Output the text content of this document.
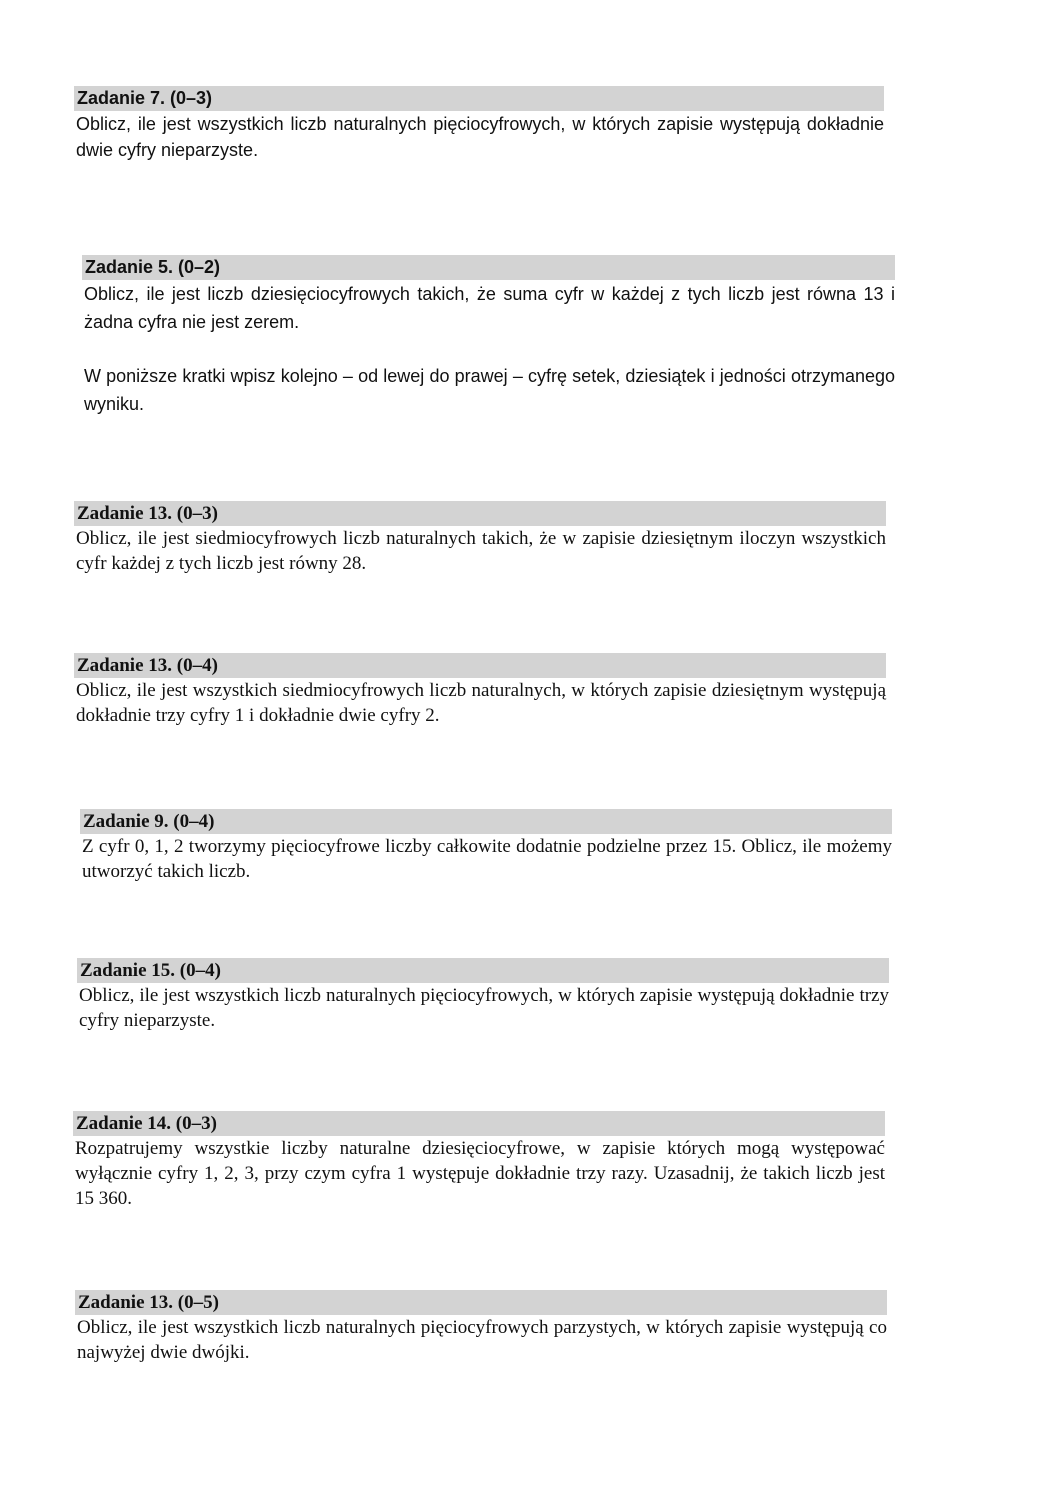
Zadanie 7. (0–3)

Oblicz, ile jest wszystkich liczb naturalnych pięciocyfrowych, w których zapisie występują dokładnie dwie cyfry nieparzyste.

Zadanie 5. (0–2)

Oblicz, ile jest liczb dziesięciocyfrowych takich, że suma cyfr w każdej z tych liczb jest równa 13 i żadna cyfra nie jest zerem.

W poniższe kratki wpisz kolejno – od lewej do prawej – cyfrę setek, dziesiątek i jedności otrzymanego wyniku.

Zadanie 13. (0–3)

Oblicz, ile jest siedmiocyfrowych liczb naturalnych takich, że w zapisie dziesiętnym iloczyn wszystkich cyfr każdej z tych liczb jest równy 28.

Zadanie 13. (0–4)

Oblicz, ile jest wszystkich siedmiocyfrowych liczb naturalnych, w których zapisie dziesiętnym występują dokładnie trzy cyfry 1 i dokładnie dwie cyfry 2.

Zadanie 9. (0–4)

Z cyfr 0, 1, 2 tworzymy pięciocyfrowe liczby całkowite dodatnie podzielne przez 15. Oblicz, ile możemy utworzyć takich liczb.

Zadanie 15. (0–4)

Oblicz, ile jest wszystkich liczb naturalnych pięciocyfrowych, w których zapisie występują dokładnie trzy cyfry nieparzyste.

Zadanie 14. (0–3)

Rozpatrujemy wszystkie liczby naturalne dziesięciocyfrowe, w zapisie których mogą występować wyłącznie cyfry 1, 2, 3, przy czym cyfra 1 występuje dokładnie trzy razy. Uzasadnij, że takich liczb jest 15 360.

Zadanie 13. (0–5)

Oblicz, ile jest wszystkich liczb naturalnych pięciocyfrowych parzystych, w których zapisie występują co najwyżej dwie dwójki.
